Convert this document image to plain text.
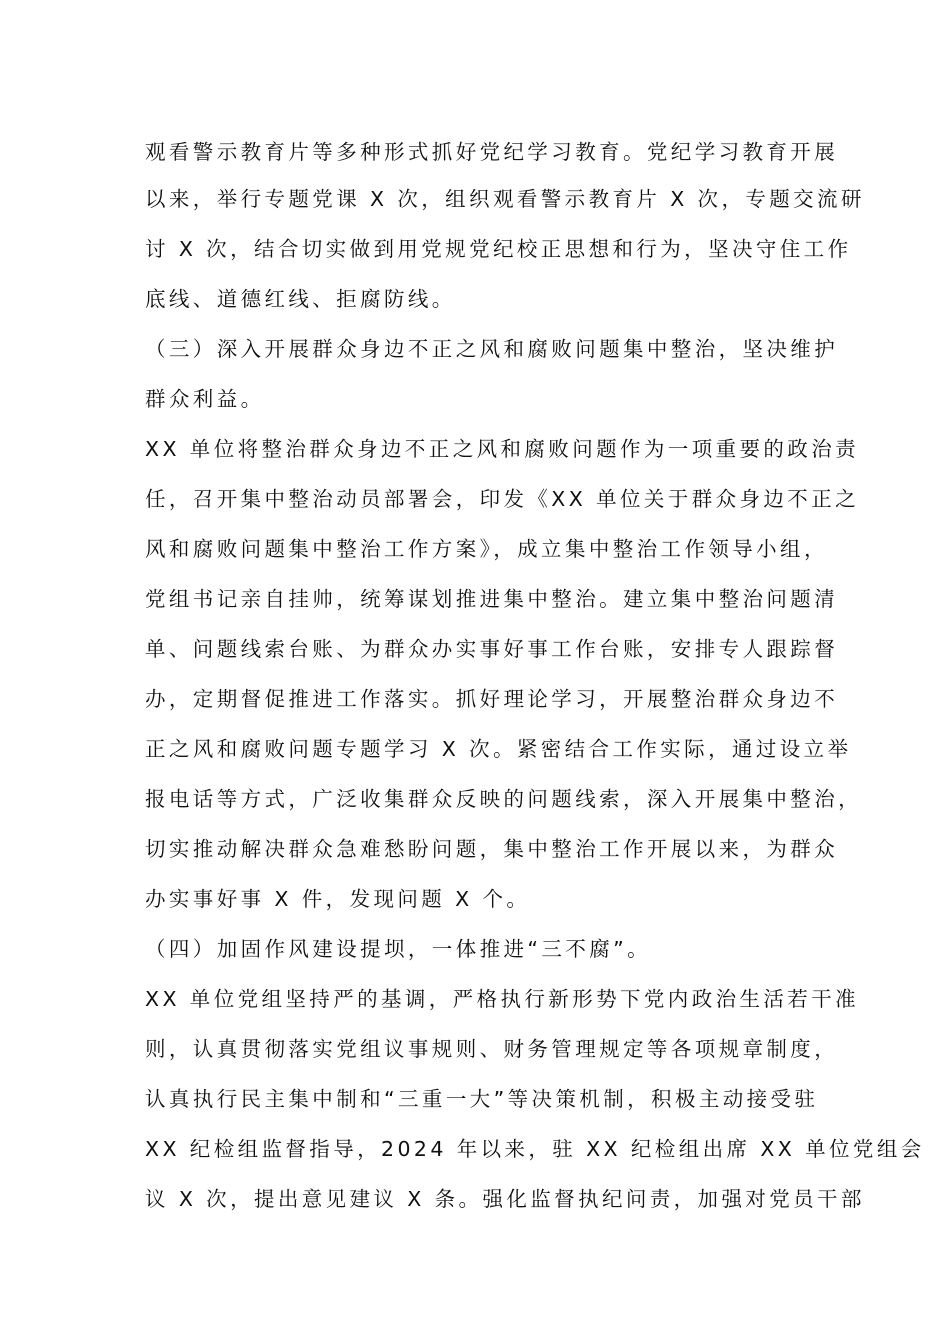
观看警示教育片等多种形式抓好党纪学习教育。党纪学习教育开展
以来，举行专题党课 X 次，组织观看警示教育片 X 次，专题交流研
讨 X 次，结合切实做到用党规党纪校正思想和行为，坚决守住工作
底线、道德红线、拒腐防线。
（三）深入开展群众身边不正之风和腐败问题集中整治，坚决维护
群众利益。
XX 单位将整治群众身边不正之风和腐败问题作为一项重要的政治责
任，召开集中整治动员部署会，印发《XX 单位关于群众身边不正之
风和腐败问题集中整治工作方案》，成立集中整治工作领导小组，
党组书记亲自挂帅，统筹谋划推进集中整治。建立集中整治问题清
单、问题线索台账、为群众办实事好事工作台账，安排专人跟踪督
办，定期督促推进工作落实。抓好理论学习，开展整治群众身边不
正之风和腐败问题专题学习 X 次。紧密结合工作实际，通过设立举
报电话等方式，广泛收集群众反映的问题线索，深入开展集中整治，
切实推动解决群众急难愁盼问题，集中整治工作开展以来，为群众
办实事好事 X 件，发现问题 X 个。
（四）加固作风建设提坝，一体推进“三不腐”。
XX 单位党组坚持严的基调，严格执行新形势下党内政治生活若干准
则，认真贯彻落实党组议事规则、财务管理规定等各项规章制度，
认真执行民主集中制和“三重一大”等决策机制，积极主动接受驻
XX 纪检组监督指导，2024 年以来，驻 XX 纪检组出席 XX 单位党组会
议 X 次，提出意见建议 X 条。强化监督执纪问责，加强对党员干部
